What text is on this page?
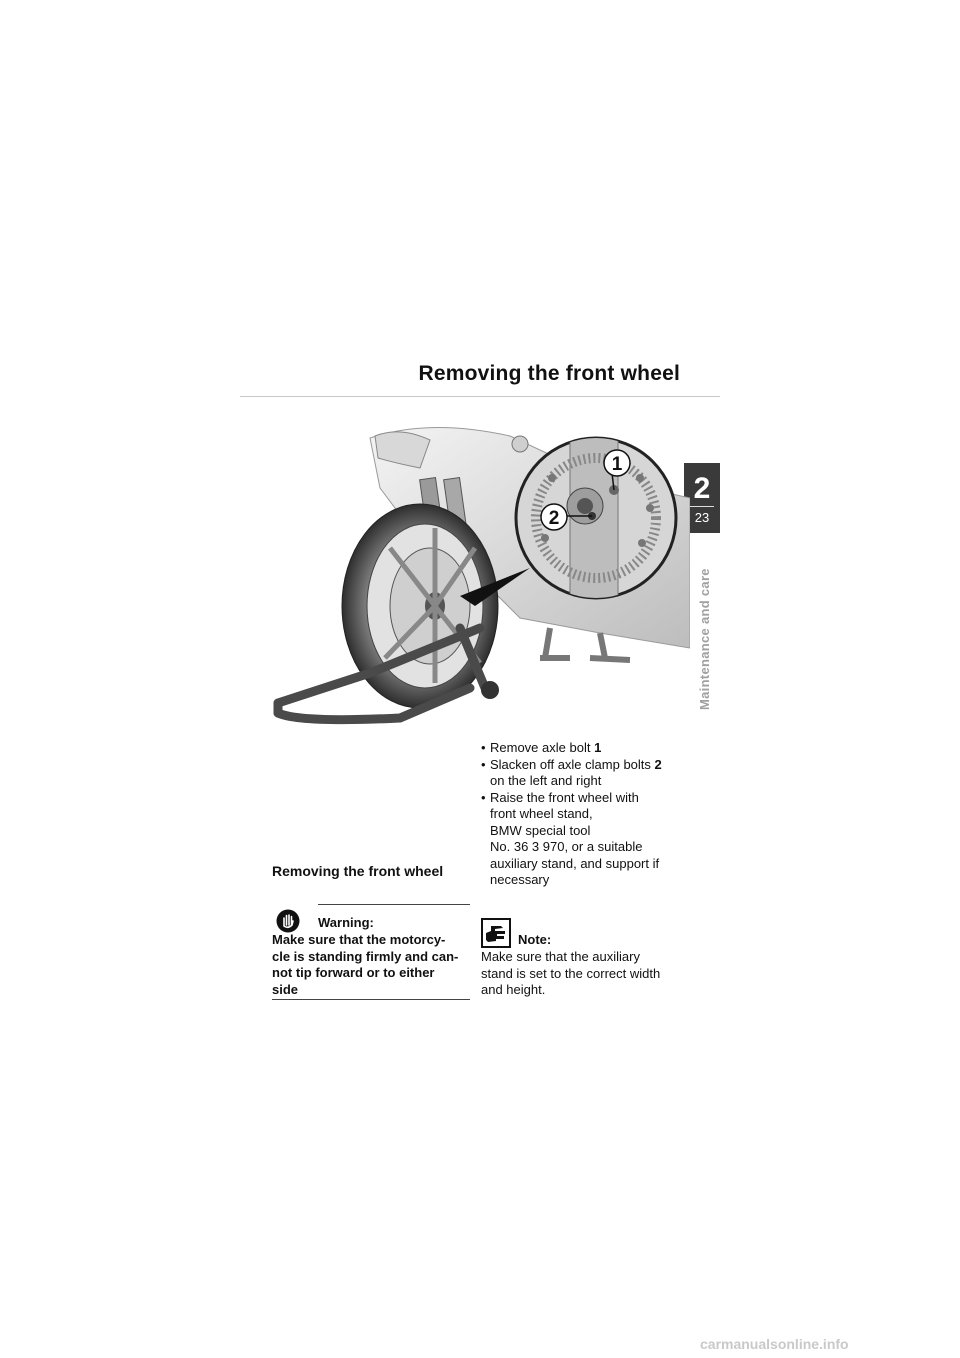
Removing the front wheel
2
23
Maintenance and care
1
2
Removing the front wheel
Warning:
Make sure that the motorcy-
cle is standing firmly and can-
not tip forward or to either
side
• Remove axle bolt 1
• Slacken off axle clamp bolts 2
on the left and right
• Raise the front wheel with
front wheel stand,
BMW special tool
No. 36 3 970, or a suitable
auxiliary stand, and support if
necessary
Note:
Make sure that the auxiliary
stand is set to the correct width
and height.
carmanualsonline.info
